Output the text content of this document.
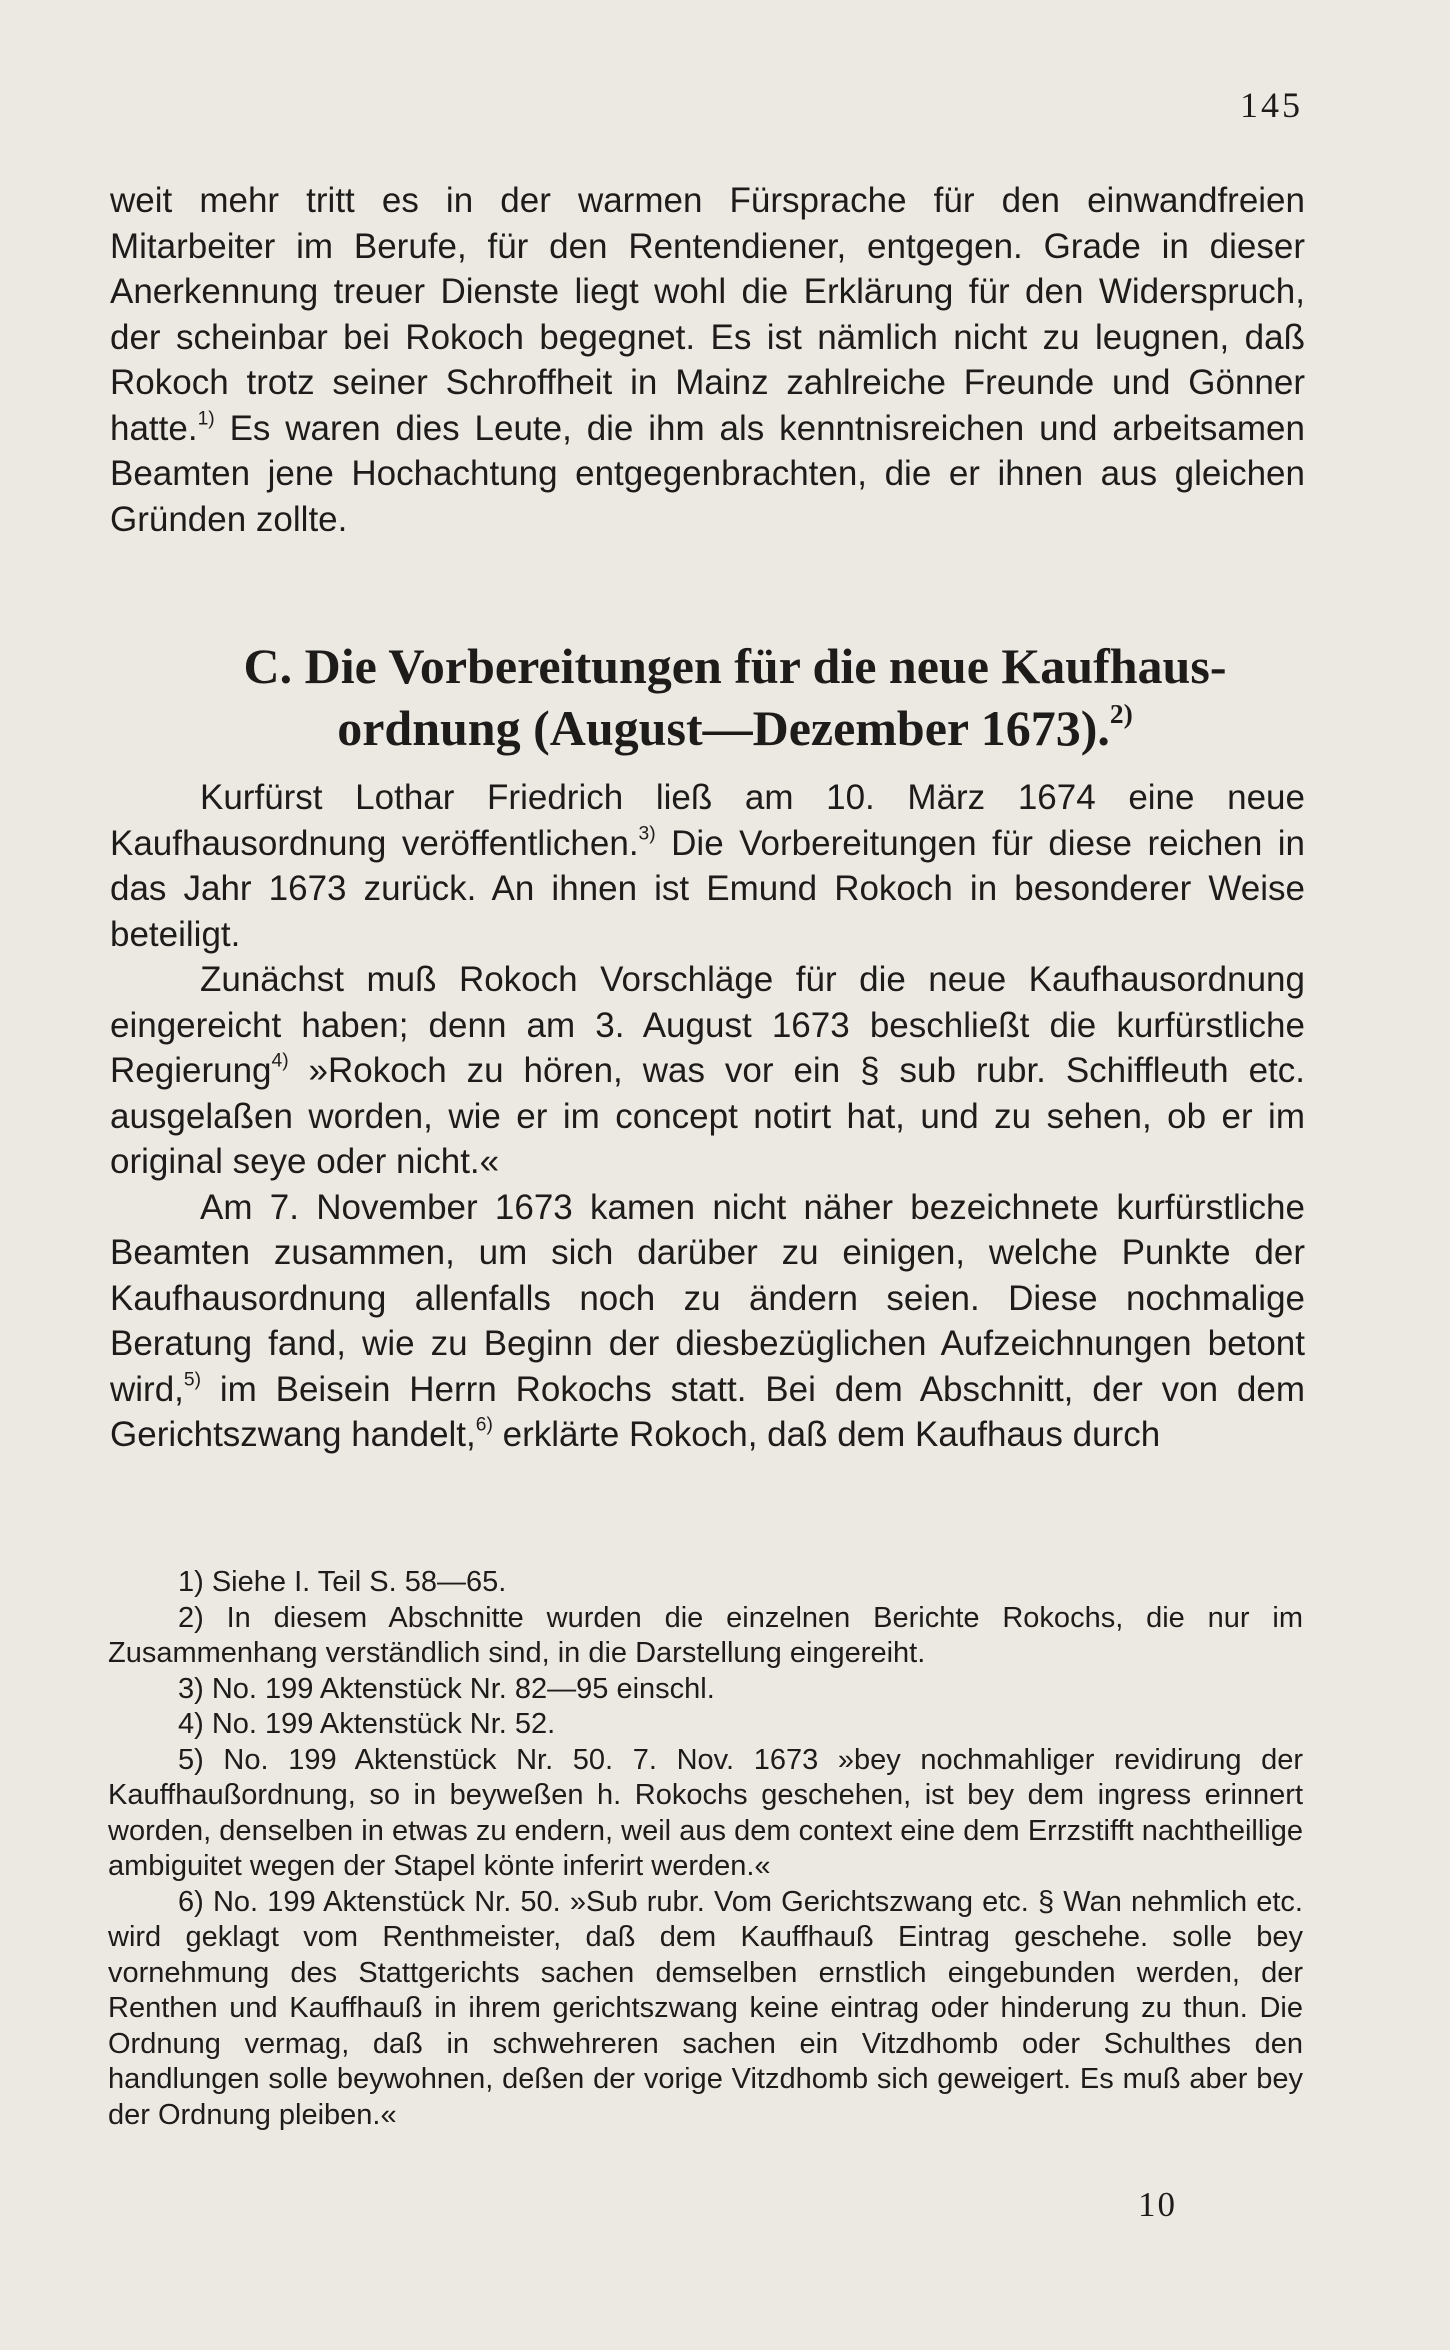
145

weit mehr tritt es in der warmen Fürsprache für den einwandfreien Mitarbeiter im Berufe, für den Rentendiener, entgegen. Grade in dieser Anerkennung treuer Dienste liegt wohl die Erklärung für den Widerspruch, der scheinbar bei Rokoch begegnet. Es ist nämlich nicht zu leugnen, daß Rokoch trotz seiner Schroffheit in Mainz zahlreiche Freunde und Gönner hatte.$^{1)}$ Es waren dies Leute, die ihm als kenntnisreichen und arbeitsamen Beamten jene Hochachtung entgegenbrachten, die er ihnen aus gleichen Gründen zollte.

C. Die Vorbereitungen für die neue Kaufhaus-
ordnung (August—Dezember 1673).$^{2)}$

Kurfürst Lothar Friedrich ließ am 10. März 1674 eine neue Kaufhausordnung veröffentlichen.$^{3)}$ Die Vorbereitungen für diese reichen in das Jahr 1673 zurück. An ihnen ist Emund Rokoch in besonderer Weise beteiligt.

Zunächst muß Rokoch Vorschläge für die neue Kaufhausordnung eingereicht haben; denn am 3. August 1673 beschließt die kurfürstliche Regierung$^{4)}$ »Rokoch zu hören, was vor ein § sub rubr. Schiffleuth etc. ausgelaßen worden, wie er im concept notirt hat, und zu sehen, ob er im original seye oder nicht.«

Am 7. November 1673 kamen nicht näher bezeichnete kurfürstliche Beamten zusammen, um sich darüber zu einigen, welche Punkte der Kaufhausordnung allenfalls noch zu ändern seien. Diese nochmalige Beratung fand, wie zu Beginn der diesbezüglichen Aufzeichnungen betont wird,$^{5)}$ im Beisein Herrn Rokochs statt. Bei dem Abschnitt, der von dem Gerichtszwang handelt,$^{6)}$ erklärte Rokoch, daß dem Kaufhaus durch

1) Siehe I. Teil S. 58—65.

2) In diesem Abschnitte wurden die einzelnen Berichte Rokochs, die nur im Zusammenhang verständlich sind, in die Darstellung eingereiht.

3) No. 199 Aktenstück Nr. 82—95 einschl.

4) No. 199 Aktenstück Nr. 52.

5) No. 199 Aktenstück Nr. 50. 7. Nov. 1673 »bey nochmahliger revidirung der Kauffhaußordnung, so in beyweßen h. Rokochs geschehen, ist bey dem ingress erinnert worden, denselben in etwas zu endern, weil aus dem context eine dem Errzstifft nachtheillige ambiguitet wegen der Stapel könte inferirt werden.«

6) No. 199 Aktenstück Nr. 50. »Sub rubr. Vom Gerichtszwang etc. § Wan nehmlich etc. wird geklagt vom Renthmeister, daß dem Kauffhauß Eintrag geschehe. solle bey vornehmung des Stattgerichts sachen demselben ernstlich eingebunden werden, der Renthen und Kauffhauß in ihrem gerichtszwang keine eintrag oder hinderung zu thun. Die Ordnung vermag, daß in schwehreren sachen ein Vitzdhomb oder Schulthes den handlungen solle beywohnen, deßen der vorige Vitzdhomb sich geweigert. Es muß aber bey der Ordnung pleiben.«

10
